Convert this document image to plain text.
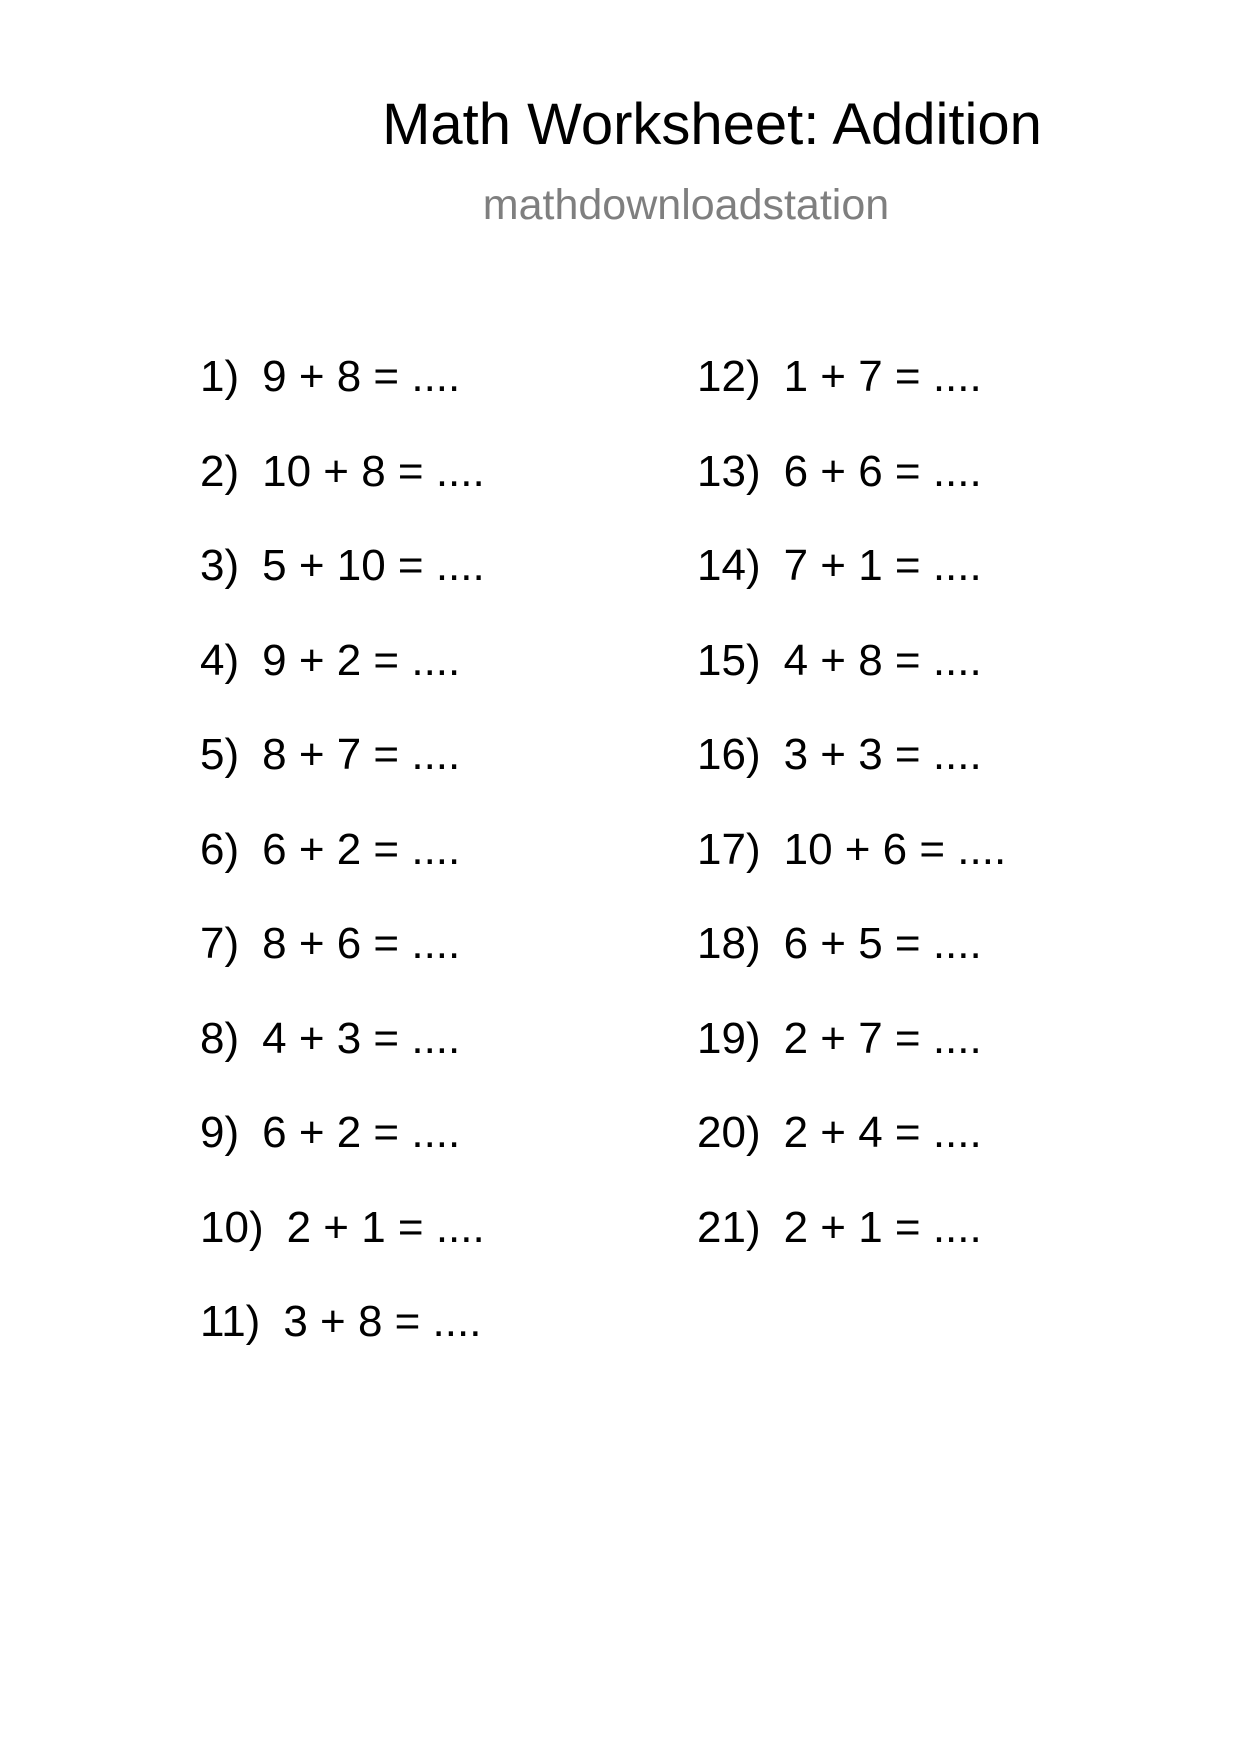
Math Worksheet: Addition
mathdownloadstation
1) 9 + 8 = ....
2) 10 + 8 = ....
3) 5 + 10 = ....
4) 9 + 2 = ....
5) 8 + 7 = ....
6) 6 + 2 = ....
7) 8 + 6 = ....
8) 4 + 3 = ....
9) 6 + 2 = ....
10) 2 + 1 = ....
11) 3 + 8 = ....
12) 1 + 7 = ....
13) 6 + 6 = ....
14) 7 + 1 = ....
15) 4 + 8 = ....
16) 3 + 3 = ....
17) 10 + 6 = ....
18) 6 + 5 = ....
19) 2 + 7 = ....
20) 2 + 4 = ....
21) 2 + 1 = ....
